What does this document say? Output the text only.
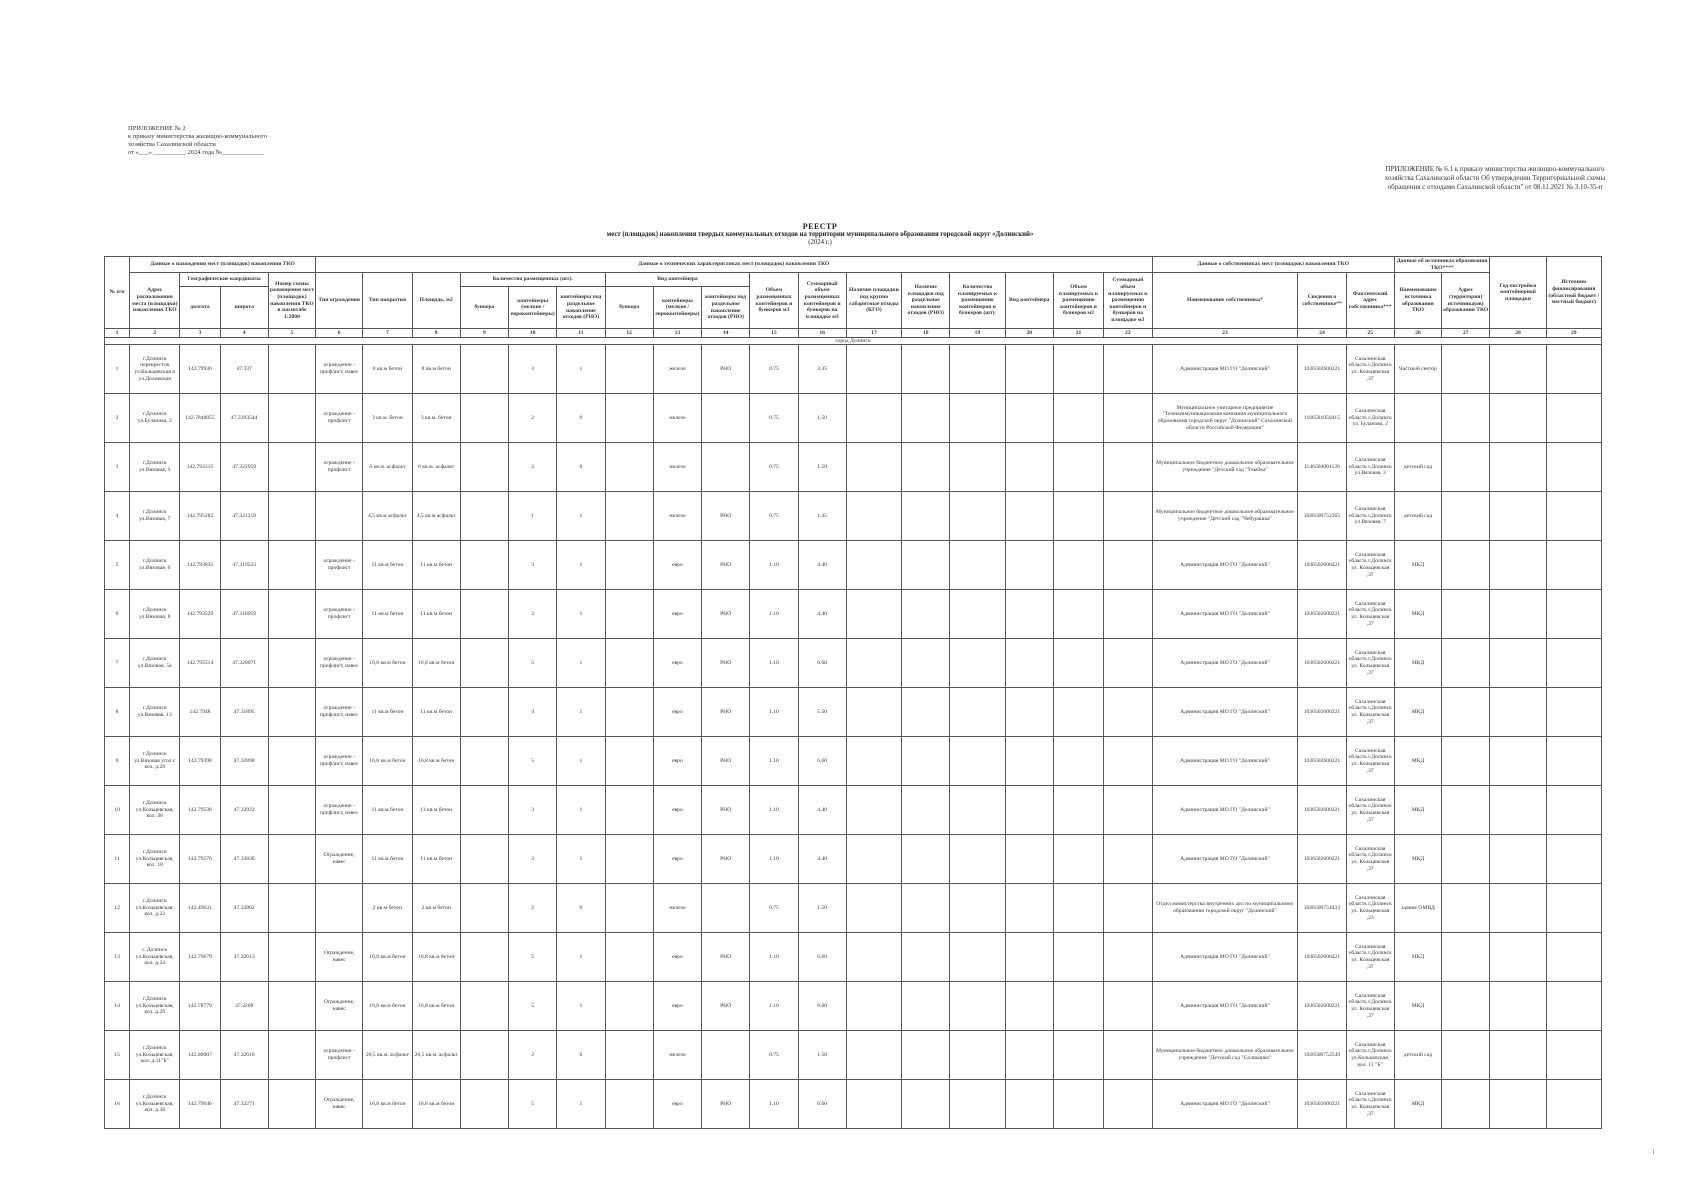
ПРИЛОЖЕНИЕ № 2
к приказу министерства жилищно-коммунального
хозяйства Сахалинской области
от «___» __________ 2024 года №_____________
ПРИЛОЖЕНИЕ № 6.1 к приказу министерства жилищно-коммунального хозяйства Сахалинской области Об утверждении Территориальной схемы обращения с отходами Сахалинской области" от 08.11.2021 № 3.10-35-п
РЕЕСТР
мест (площадок) накопления твердых коммунальных отходов на территории муниципального образования городской округ «Долинский»
(2024 г.)
№ п/п	Данные о нахождении мест (площадок) накопления ТКО				Данные о технических характеристиках мест (площадок) накопления ТКО																	Данные о собственниках мест (площадок) накопления ТКО			Данные об источниках образования ТКО****		Год постройки контейнерной площадки	Источник финансирования (областной бюджет / местный бюджет)
	Адрес расположения места (площадки) накопления ТКО	Географические координаты		Номер схемы размещения мест (площадок) накопления ТКО в масштабе 1:2000	Тип ограждения	Тип покрытия	Площадь, м2	Количество размещенных (шт).			Вид контейнера			Объем размещенных контейнеров и бункеров м3	Суммарный объем размещенных контейнеров и бункеров на площадке м3	Наличие площадки под крупно габаритные отходы (КГО)	Наличие площадки под раздельное накопление отходов (РНО)	Количество планируемых к размещению контейнеров и бункеров (шт).	Вид контейнера	Объем планируемых к размещению контейнеров и бункеров м3	Суммарный объем планируемых к размещению контейнеров и бункеров на площадке м3	Наименование собственника*	Сведения о собственнике**	Фактический адрес собственника***	Наименование источника образования ТКО	Адрес (территория) источника(ов) образования ТКО		
		долгота	широта					бункера	контейнеры (мелкие / евроконтейнеры)	контейнеры под раздельное накопление отходов (РНО)	бункера	контейнеры (мелкие / евроконтейнеры)	контейнеры под раздельное накопление отходов (РНО)															
1	2	3	4	5	6	7	8	9	10	11	12	13	14	15	16	17	18	19	20	21	22	23	24	25	26	27	28	29
город Долинск																												
1	г.Долинск перекресток ул.Кольцевская и ул.Долинская	142.79936	47.337		ограждение - профлист, навес	8 кв.м бетон	8 кв.м бетон		3	1		железо	РНО	0.75	3.35							Администрация МО ГО "Долинский"	1036502600221	Сахалинская область г.Долинск ул. Кольцевская ,37	Частный сектор			
2	г.Долинск ул.Буланова, 2	142.7848855	47.3393544		ограждение - профлист	3 кв.м. бетон	3 кв.м. бетон		2	0		железо		0.75	1.50							Муниципальное унитарное предприятие "Телекоммуникационная компания муниципального образования городской округ "Долинский" Сахалинской области Российской Федерации"	1166501056415	Сахалинская область г.Долинск ул. Буланова, 2				
3	г.Долинск ул.Вязовая, 3	142.793315	47.322959		ограждение - профлист	6 кв.м. асфальт	6 кв.м. асфальт		2	0		железо		0.75	1.50							Муниципальное бюджетное дошкольное образовательное учреждение "Детский сад "Улыбка"	1146504001126	Сахалинская область г.Долинск ул.Вязовая, 3	детский сад			
4	г.Долинск ул.Вязовая, 7	142.795282	47.321219			4,5 кв.м асфальт	4,5 кв.м асфальт		1	1		железо	РНО	0.75	1.45							Муниципальное бюджетное дошкольное образовательное учреждение "Детский сад "Чебурашка"	1026500752365	Сахалинская область г.Долинск ул.Вязовая, 7	детский сад			
5	г.Долинск ул.Вязовая, 6	142.793835	47.319523		ограждение - профлист	11 кв.м бетон	11 кв.м бетон		3	1		евро	РНО	1.10	4.40							Администрация МО ГО "Долинский"	1036502600221	Сахалинская область г.Долинск ул. Кольцевская ,37	МКД			
6	г.Долинск ул.Вязовая, 8	142.793529	47.318959		ограждение - профлист	11 кв.м бетон	11 кв.м бетон		3	1		евро	РНО	1.10	4.40							Администрация МО ГО "Долинский"	1036502600221	Сахалинская область г.Долинск ул. Кольцевская ,37	МКД			
7	г.Долинск ул.Вязовая, 5а	142.795514	47.320071		ограждение - профлист, навес	16,8 кв.м бетон	16,8 кв.м бетон		5	1		евро	РНО	1.10	6.60							Администрация МО ГО "Долинский"	1036502600221	Сахалинская область г.Долинск ул. Кольцевская ,37	МКД			
8	г.Долинск ул.Вязовая, 13	142.7948	47.31895		ограждение - профлист, навес	11 кв.м бетон	11 кв.м бетон		4	1		евро	РНО	1.10	5.50							Администрация МО ГО "Долинский"	1036502600221	Сахалинская область г.Долинск ул. Кольцевская ,37	МКД			
9	г.Долинск ул.Вязовая угол с кол. д.28	142.79398	47.32898		ограждение - профлист, навес	16,8 кв.м бетон	16,8 кв.м бетон		5	1		евро	РНО	1.10	6.60							Администрация МО ГО "Долинский"	1036502600221	Сахалинская область г.Долинск ул. Кольцевская ,37	МКД			
10	г.Долинск ул.Кольцевская, кол. 36	142.79538	47.32922		ограждение - профлист, навес	11 кв.м бетон	11 кв.м бетон		3	1		евро	РНО	1.10	4.40							Администрация МО ГО "Долинский"	1036502600221	Сахалинская область г.Долинск ул. Кольцевская ,37	МКД			
11	г.Долинск ул.Кольцевская, кол. 18	142.79576	47.32838		Ограждение, навес	11 кв.м бетон	11 кв.м бетон		3	1		евро	РНО	1.10	4.40							Администрация МО ГО "Долинский"	1036502600221	Сахалинская область г.Долинск ул. Кольцевская ,37	МКД			
12	г.Долинск ул.Кольцевская, кол. д.23	142.49631	47.32862			2 кв.м бетон	2 кв.м бетон		2	0		железо		0.75	1.50							Отдел министерства внутренних дел по муниципальному образованию городской округ "Долинский"	1026500754433	Сахалинская область г.Долинск ул. Кольцевская ,23	здание ОМВД			
13	г. Долинск ул.Кольцевская, кол. д.24	142.79679	47.32613		Ограждение, навес	16,8 кв.м бетон	16,8 кв.м бетон		5	1		евро	РНО	1.10	6.60							Администрация МО ГО "Долинский"	1036502600221	Сахалинская область г.Долинск ул. Кольцевская ,37	МКД			
14	г.Долинск ул.Кольцевская, кол. д.29	142.78779	47.3208		Ограждение, навес	16,8 кв.м бетон	16,8 кв.м бетон		5	1		евро	РНО	1.10	6.60							Администрация МО ГО "Долинский"	1036502600221	Сахалинская область г.Долинск ул. Кольцевская ,37	МКД			
15	г.Долинск ул.Кольцевская, кол. д.11"Б"	142.80007	47.32618		ограждение - профлист	20,5 кв.м. асфальт	20,5 кв.м. асфальт		2	0		железо		0.75	1.50							Муниципальное бюджетное дошкольное образовательное учреждение "Детский сад "Солнышко"	1026500752549	Сахалинская область г.Долинск ул.Кольцевская, кол. 11 "Б"	детский сад			
16	г.Долинск ул.Кольцевская, кол. д.38	142.79646	47.32271		Ограждение, навес	16,8 кв.м бетон	16,8 кв.м бетон		5	1		евро	РНО	1.10	6.60							Администрация МО ГО "Долинский"	1036502600221	Сахалинская область г.Долинск ул. Кольцевская ,37	МКД			
1
